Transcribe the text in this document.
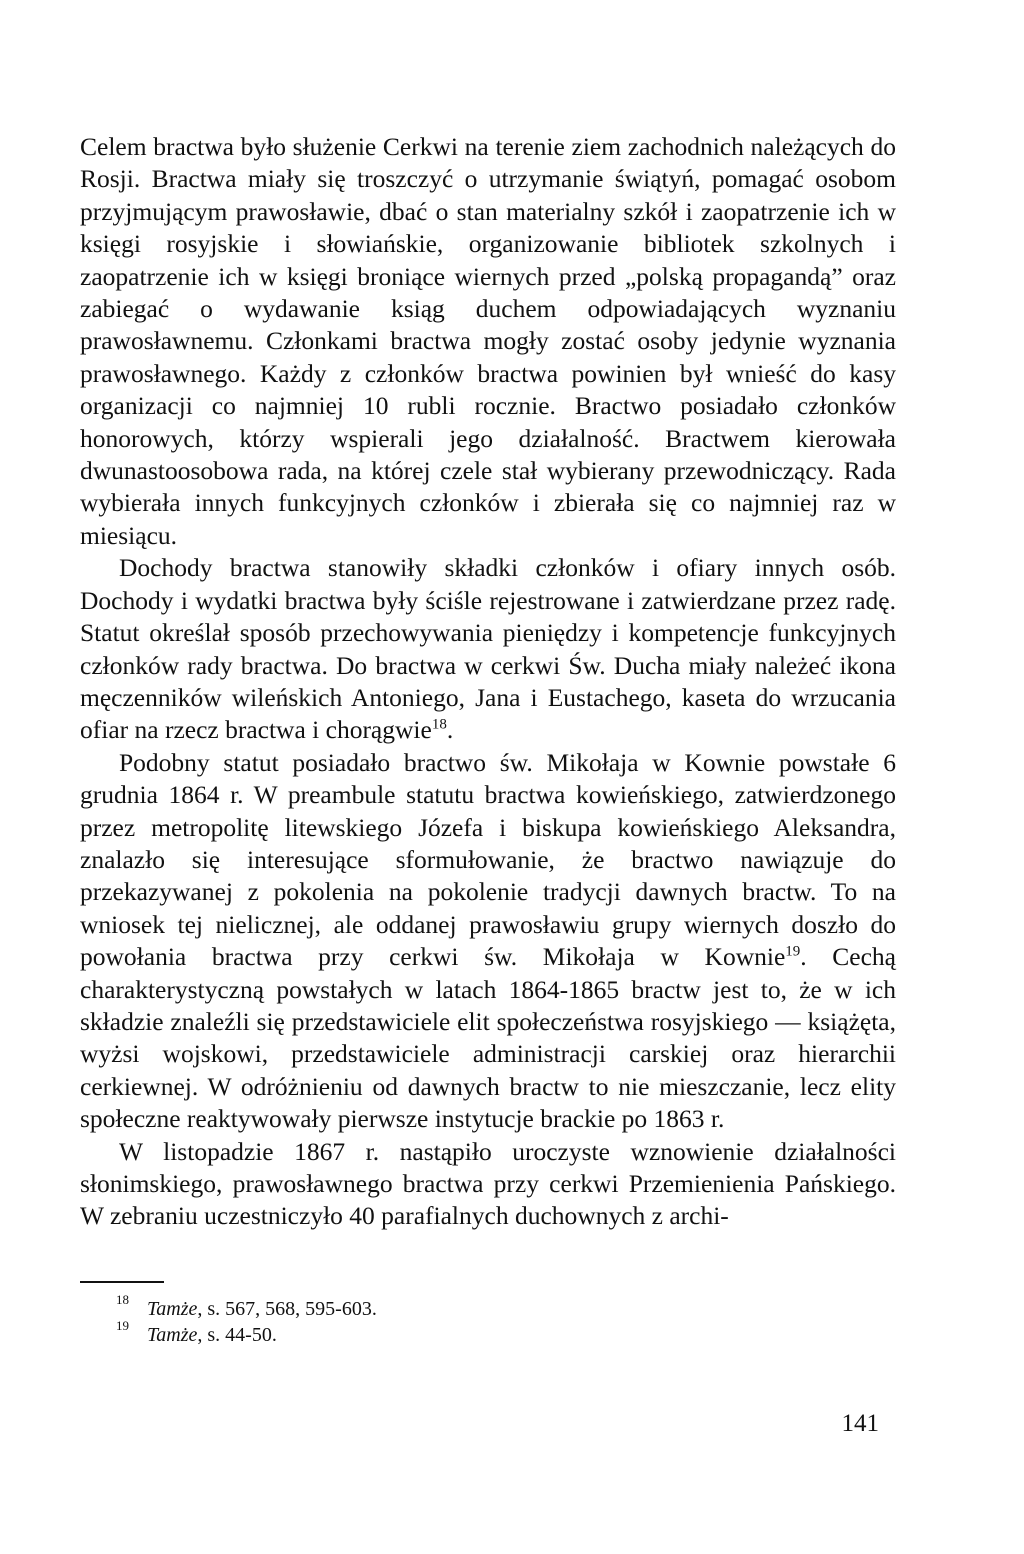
Celem bractwa było służenie Cerkwi na terenie ziem zachodnich należących do Rosji. Bractwa miały się troszczyć o utrzymanie świątyń, pomagać osobom przyjmującym prawosławie, dbać o stan materialny szkół i zaopatrzenie ich w księgi rosyjskie i słowiańskie, organizowanie bibliotek szkolnych i zaopatrzenie ich w księgi broniące wiernych przed „polską propagandą” oraz zabiegać o wydawanie ksiąg duchem odpowiadających wyznaniu prawosławnemu. Członkami bractwa mogły zostać osoby jedynie wyznania prawosławnego. Każdy z członków bractwa powinien był wnieść do kasy organizacji co najmniej 10 rubli rocznie. Bractwo posiadało członków honorowych, którzy wspierali jego działalność. Bractwem kierowała dwunastoosobowa rada, na której czele stał wybierany przewodniczący. Rada wybierała innych funkcyjnych członków i zbierała się co najmniej raz w miesiącu.

Dochody bractwa stanowiły składki członków i ofiary innych osób. Dochody i wydatki bractwa były ściśle rejestrowane i zatwierdzane przez radę. Statut określał sposób przechowywania pieniędzy i kompetencje funkcyjnych członków rady bractwa. Do bractwa w cerkwi Św. Ducha miały należeć ikona męczenników wileńskich Antoniego, Jana i Eustachego, kaseta do wrzucania ofiar na rzecz bractwa i chorągwie$^{18}$.

Podobny statut posiadało bractwo św. Mikołaja w Kownie powstałe 6 grudnia 1864 r. W preambule statutu bractwa kowieńskiego, zatwierdzonego przez metropolitę litewskiego Józefa i biskupa kowieńskiego Aleksandra, znalazło się interesujące sformułowanie, że bractwo nawiązuje do przekazywanej z pokolenia na pokolenie tradycji dawnych bractw. To na wniosek tej nielicznej, ale oddanej prawosławiu grupy wiernych doszło do powołania bractwa przy cerkwi św. Mikołaja w Kownie$^{19}$. Cechą charakterystyczną powstałych w latach 1864-1865 bractw jest to, że w ich składzie znaleźli się przedstawiciele elit społeczeństwa rosyjskiego — książęta, wyżsi wojskowi, przedstawiciele administracji carskiej oraz hierarchii cerkiewnej. W odróżnieniu od dawnych bractw to nie mieszczanie, lecz elity społeczne reaktywowały pierwsze instytucje brackie po 1863 r.

W listopadzie 1867 r. nastąpiło uroczyste wznowienie działalności słonimskiego, prawosławnego bractwa przy cerkwi Przemienienia Pańskiego. W zebraniu uczestniczyło 40 parafialnych duchownych z archi-

18 Tamże, s. 567, 568, 595-603.
19 Tamże, s. 44-50.
141
